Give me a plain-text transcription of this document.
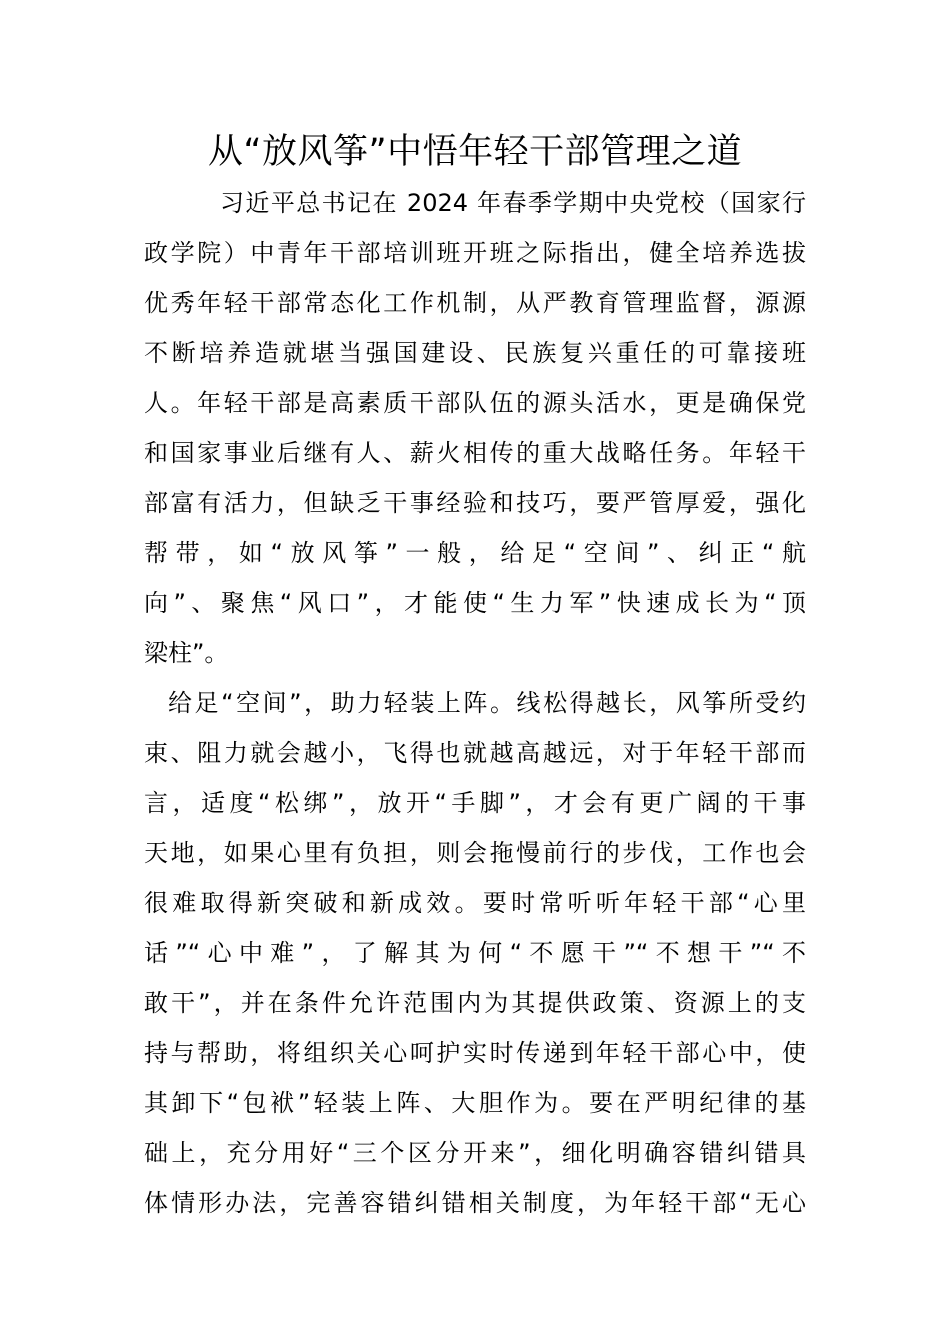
从“放风筝”中悟年轻干部管理之道
习近平总书记在 2024 年春季学期中央党校（国家行
政学院）中青年干部培训班开班之际指出，健全培养选拔
优秀年轻干部常态化工作机制，从严教育管理监督，源源
不断培养造就堪当强国建设、民族复兴重任的可靠接班
人。年轻干部是高素质干部队伍的源头活水，更是确保党
和国家事业后继有人、薪火相传的重大战略任务。年轻干
部富有活力，但缺乏干事经验和技巧，要严管厚爱，强化
帮带，如“放风筝”一般，给足“空间”、纠正“航
向”、聚焦“风口”，才能使“生力军”快速成长为“顶
梁柱”。
给足“空间”，助力轻装上阵。线松得越长，风筝所受约
束、阻力就会越小，飞得也就越高越远，对于年轻干部而
言，适度“松绑”，放开“手脚”，才会有更广阔的干事
天地，如果心里有负担，则会拖慢前行的步伐，工作也会
很难取得新突破和新成效。要时常听听年轻干部“心里
话”“心中难”，了解其为何“不愿干”“不想干”“不
敢干”，并在条件允许范围内为其提供政策、资源上的支
持与帮助，将组织关心呵护实时传递到年轻干部心中，使
其卸下“包袱”轻装上阵、大胆作为。要在严明纪律的基
础上，充分用好“三个区分开来”，细化明确容错纠错具
体情形办法，完善容错纠错相关制度，为年轻干部“无心
